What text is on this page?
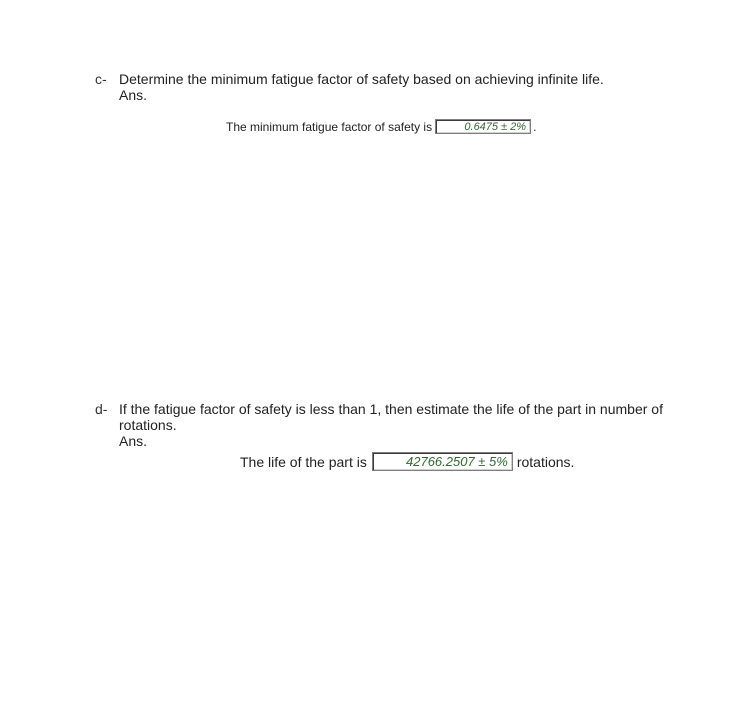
c- Determine the minimum fatigue factor of safety based on achieving infinite life.
Ans.
The minimum fatigue factor of safety is	0.6475 ± 2% .
d- If the fatigue factor of safety is less than 1, then estimate the life of the part in number of
rotations.
Ans.
The life of the part is	42766.2507 ± 5% rotations.
